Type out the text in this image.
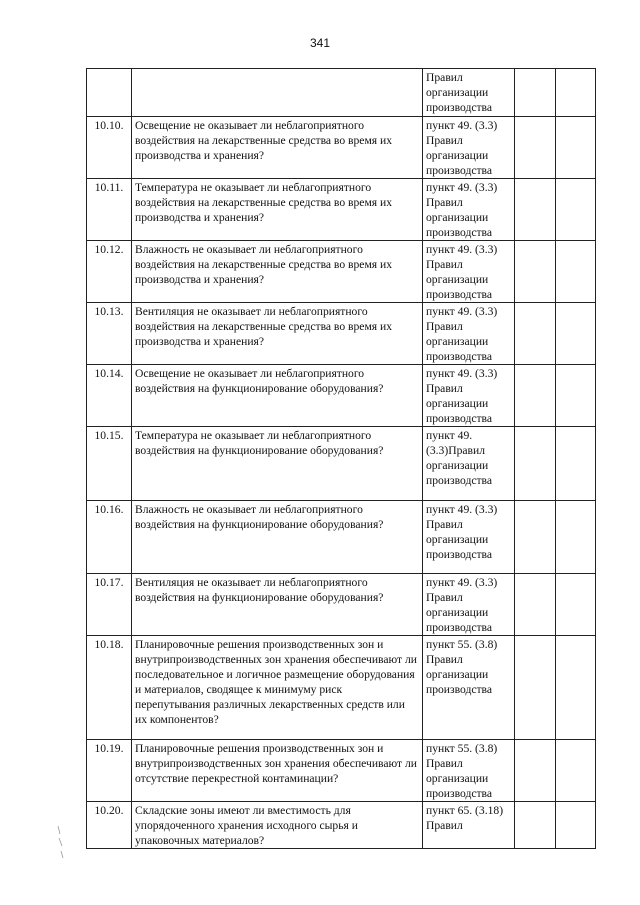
341
		Правил организации производства		
10.10.	Освещение не оказывает ли неблагоприятного воздействия на лекарственные средства во время их производства и хранения?	пункт 49. (3.3) Правил организации производства		
10.11.	Температура не оказывает ли неблагоприятного воздействия на лекарственные средства во время их производства и хранения?	пункт 49. (3.3) Правил организации производства		
10.12.	Влажность не оказывает ли неблагоприятного воздействия на лекарственные средства во время их производства и хранения?	пункт 49. (3.3) Правил организации производства		
10.13.	Вентиляция не оказывает ли неблагоприятного воздействия на лекарственные средства во время их производства и хранения?	пункт 49. (3.3) Правил организации производства		
10.14.	Освещение не оказывает ли неблагоприятного воздействия на функционирование оборудования?	пункт 49. (3.3) Правил организации производства		
10.15.	Температура не оказывает ли неблагоприятного воздействия на функционирование оборудования?	пункт 49. (3.3)Правил организации производства		
10.16.	Влажность не оказывает ли неблагоприятного воздействия на функционирование оборудования?	пункт 49. (3.3) Правил организации производства		
10.17.	Вентиляция не оказывает ли неблагоприятного воздействия на функционирование оборудования?	пункт 49. (3.3) Правил организации производства		
10.18.	Планировочные решения производственных зон и внутрипроизводственных зон хранения обеспечивают ли последовательное и логичное размещение оборудования и материалов, сводящее к минимуму риск перепутывания различных лекарственных средств или их компонентов?	пункт 55. (3.8) Правил организации производства		
10.19.	Планировочные решения производственных зон и внутрипроизводственных зон хранения обеспечивают ли отсутствие перекрестной контаминации?	пункт 55. (3.8) Правил организации производства		
10.20.	Складские зоны имеют ли вместимость для упорядоченного хранения исходного сырья и упаковочных материалов?	пункт 65. (3.18) Правил		
